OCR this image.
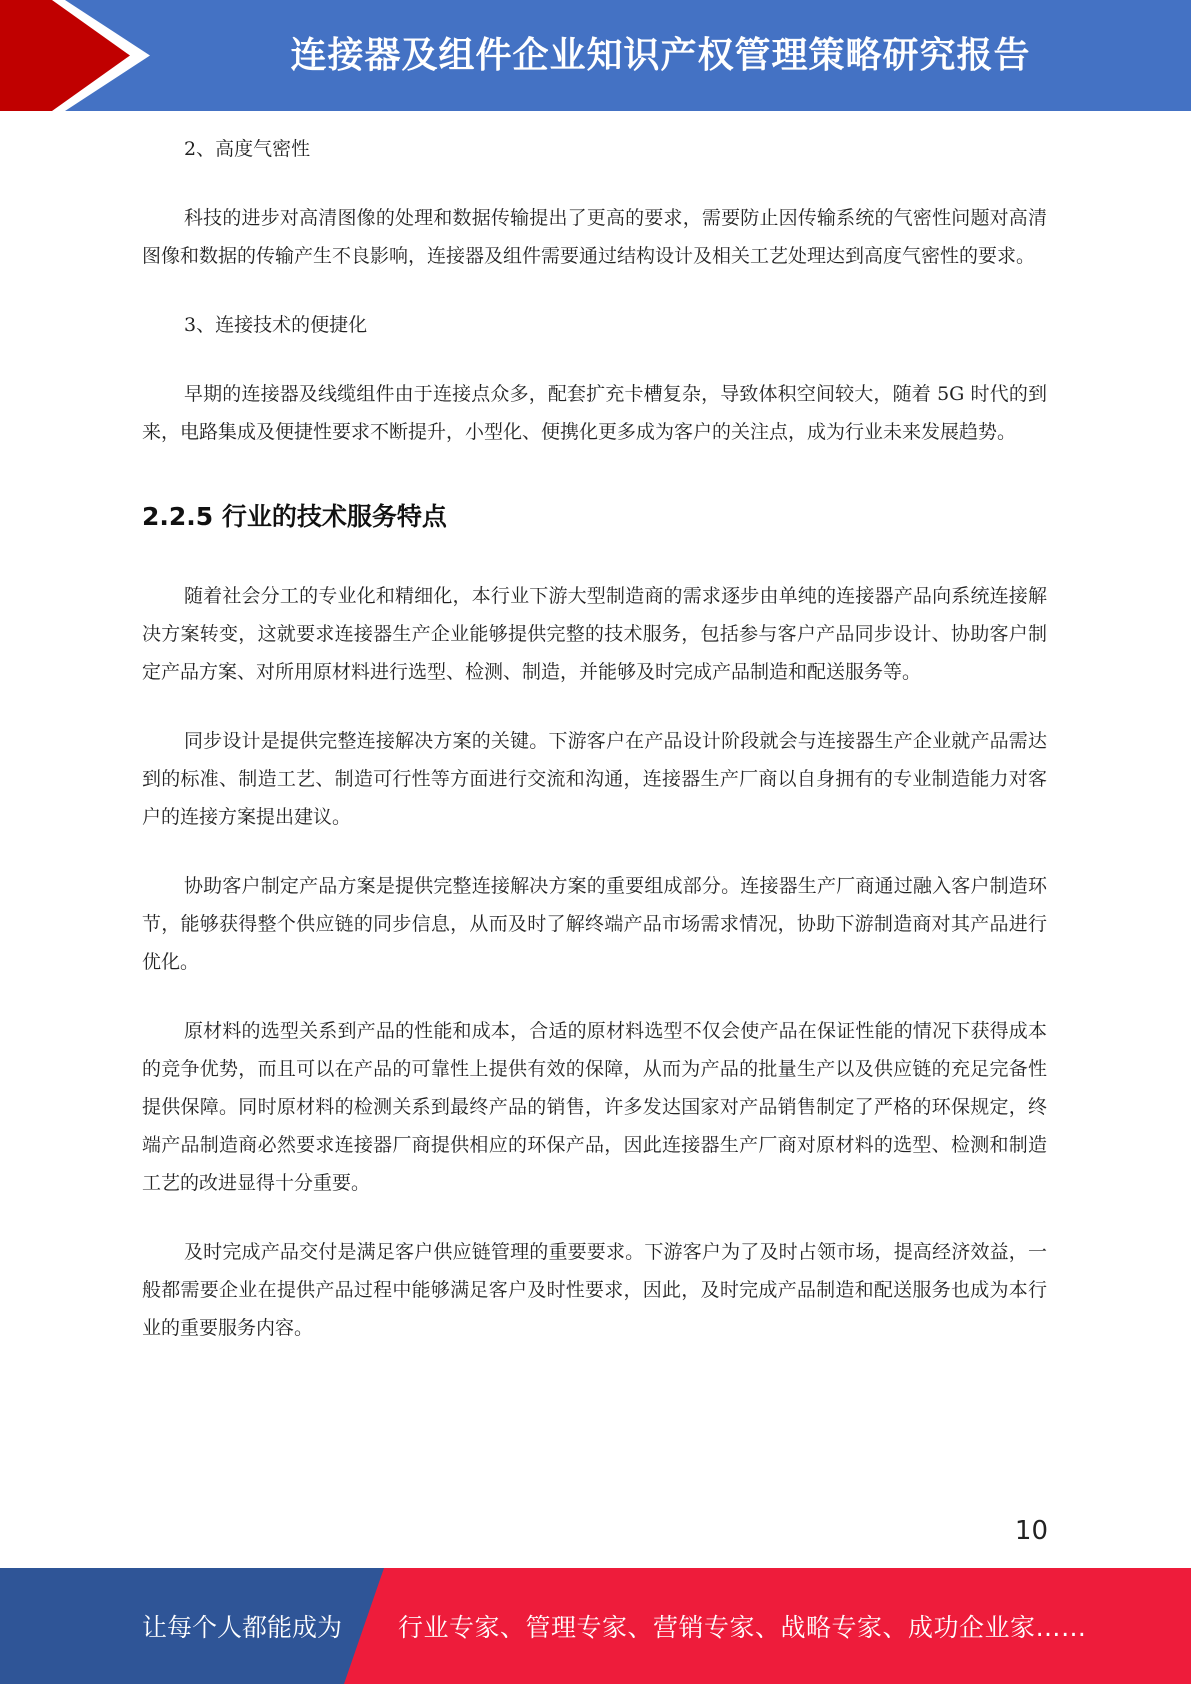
连接器及组件企业知识产权管理策略研究报告

2、高度气密性

科技的进步对高清图像的处理和数据传输提出了更高的要求，需要防止因传输系统的气密性问题对高清图像和数据的传输产生不良影响，连接器及组件需要通过结构设计及相关工艺处理达到高度气密性的要求。

3、连接技术的便捷化

早期的连接器及线缆组件由于连接点众多，配套扩充卡槽复杂，导致体积空间较大，随着 5G 时代的到来，电路集成及便捷性要求不断提升，小型化、便携化更多成为客户的关注点，成为行业未来发展趋势。

2.2.5 行业的技术服务特点

随着社会分工的专业化和精细化，本行业下游大型制造商的需求逐步由单纯的连接器产品向系统连接解决方案转变，这就要求连接器生产企业能够提供完整的技术服务，包括参与客户产品同步设计、协助客户制定产品方案、对所用原材料进行选型、检测、制造，并能够及时完成产品制造和配送服务等。

同步设计是提供完整连接解决方案的关键。下游客户在产品设计阶段就会与连接器生产企业就产品需达到的标准、制造工艺、制造可行性等方面进行交流和沟通，连接器生产厂商以自身拥有的专业制造能力对客户的连接方案提出建议。

协助客户制定产品方案是提供完整连接解决方案的重要组成部分。连接器生产厂商通过融入客户制造环节，能够获得整个供应链的同步信息，从而及时了解终端产品市场需求情况，协助下游制造商对其产品进行优化。

原材料的选型关系到产品的性能和成本，合适的原材料选型不仅会使产品在保证性能的情况下获得成本的竞争优势，而且可以在产品的可靠性上提供有效的保障，从而为产品的批量生产以及供应链的充足完备性提供保障。同时原材料的检测关系到最终产品的销售，许多发达国家对产品销售制定了严格的环保规定，终端产品制造商必然要求连接器厂商提供相应的环保产品，因此连接器生产厂商对原材料的选型、检测和制造工艺的改进显得十分重要。

及时完成产品交付是满足客户供应链管理的重要要求。下游客户为了及时占领市场，提高经济效益，一般都需要企业在提供产品过程中能够满足客户及时性要求，因此，及时完成产品制造和配送服务也成为本行业的重要服务内容。

10
让每个人都能成为 行业专家、管理专家、营销专家、战略专家、成功企业家……
